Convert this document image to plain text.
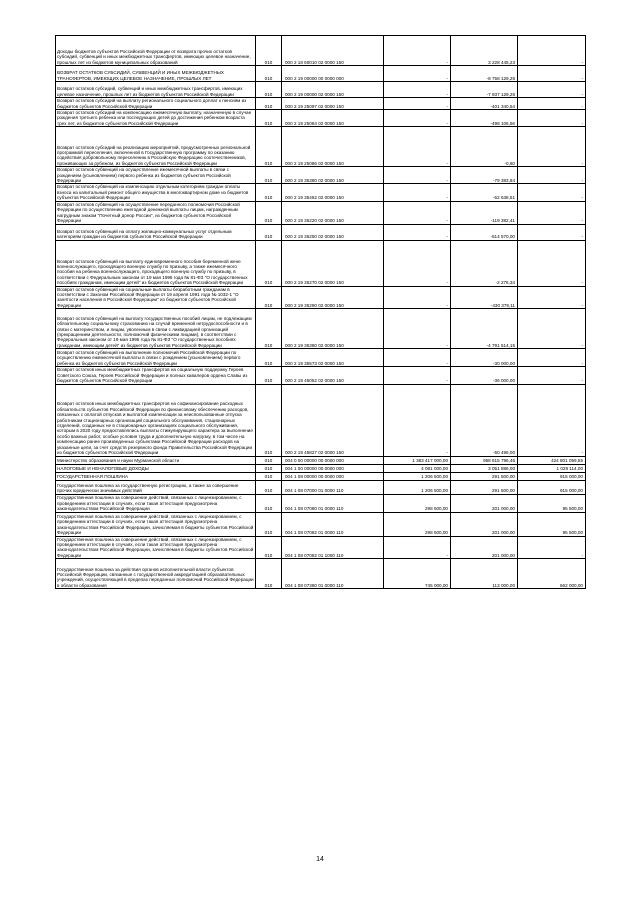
Доходы бюджетов субъектов Российской Федерации от возврата прочих остатков субсидий, субвенций и иных межбюджетных трансфертов, имеющих целевое назначение, прошлых лет из бюджетов муниципальных образований	010	000 2 18 60010 02 0000 150	-	3 228 445,23	-
ВОЗВРАТ ОСТАТКОВ СУБСИДИЙ, СУБВЕНЦИЙ И ИНЫХ МЕЖБЮДЖЕТНЫХ ТРАНСФЕРТОВ, ИМЕЮЩИХ ЦЕЛЕВОЕ НАЗНАЧЕНИЕ, ПРОШЛЫХ ЛЕТ	010	000 2 19 00000 00 0000 000	-	-8 758 129,26	-
Возврат остатков субсидий, субвенций и иных межбюджетных трансфертов, имеющих целевое назначение, прошлых лет из бюджетов субъектов Российской Федерации	010	000 2 19 00000 02 0000 150	-	-7 937 129,26	-
Возврат остатков субсидий на выплату регионального социального доплат к пенсиям из бюджетов субъектов Российской Федерации	010	000 2 19 25097 02 0000 150	-	-401 340,54	-
Возврат остатков субсидий на компенсацию ежемесячную выплату, назначенную в случае рождения третьего ребенка или последующих детей до достижения ребенком возраста трех лет, из бюджетов субъектов Российской Федерации	010	000 2 19 25084 02 0000 150	-	-498 106,56	-
Возврат остатков субсидий на реализацию мероприятий, предусмотренных региональной программой переселения, включенной в Государственную программу по оказанию содействия добровольному переселению в Российскую Федерацию соотечественников, проживающих за рубежом, из бюджетов субъектов Российской Федерации	010	000 2 19 25086 02 0000 150	-	-0,60	-
Возврат остатков субвенций на осуществление ежемесячной выплаты в связи с рождением (усыновлением) первого ребенка из бюджетов субъектов Российской Федерации	010	000 2 19 35380 02 0000 150	-	-79 383,84	-
Возврат остатков субвенций на компенсацию отдельным категориям граждан оплаты взноса на капитальный ремонт общего имущества в многоквартирном доме из бюджетов субъектов Российской Федерации	010	000 2 19 35462 02 0000 150	-	-52 638,51	-
Возврат остатков субвенций на осуществление переданного полномочия Российской Федерации по осуществлению ежегодной денежной выплаты лицам, награжденным нагрудным знаком "Почетный донор России", из бюджетов субъектов Российской Федерации	010	000 2 19 35220 02 0000 150	-	-119 382,41	-
Возврат остатков субвенций на оплату жилищно-коммунальных услуг отдельным категориям граждан из бюджетов субъектов Российской Федерации	010	000 2 19 35250 02 0000 150	-	-514 570,00	-
Возврат остатков субвенций на выплату единовременного пособия беременной жене военнослужащего, проходящего военную службу по призыву, а также ежемесячного пособия на ребенка военнослужащего, проходящего военную службу по призыву, в соответствии с Федеральным законом от 19 мая 1995 года № 81-ФЗ "О государственных пособиях гражданам, имеющим детей" из бюджетов субъектов Российской Федерации	010	000 2 19 35270 02 0000 150	-	-2 276,34	-
Возврат остатков субвенций на социальные выплаты безработным гражданам в соответствии с Законом Российской Федерации от 19 апреля 1991 года № 1032-1 "О занятости населения в Российской Федерации" из бюджетов субъектов Российской Федерации	010	000 2 19 35290 02 0000 150	-	-430 379,11	-
Возврат остатков субвенций на выплату государственных пособий лицам, не подлежащим обязательному социальному страхованию на случай временной нетрудоспособности и в связи с материнством, и лицам, уволенным в связи с ликвидацией организаций (прекращением деятельности, полномочий физическими лицами), в соответствии с Федеральным законом от 19 мая 1995 года № 81-ФЗ "О государственных пособиях гражданам, имеющим детей" из бюджетов субъектов Российской Федерации	010	000 2 19 35380 02 0000 150	-	-4 791 514,15	-
Возврат остатков субвенций на выполнение полномочий Российской Федерации по осуществлению ежемесячной выплаты в связи с рождением (усыновлением) первого ребенка из бюджетов субъектов Российской Федерации	010	000 2 19 35573 02 0000 150	-	-30 000,00	-
Возврат остатков иных межбюджетных трансфертов на социальную поддержку Героев Советского Союза, Героев Российской Федерации и полных кавалеров ордена Славы из бюджетов субъектов Российской Федерации	010	000 2 19 45052 02 0000 150	-	-36 000,00	-
Возврат остатков иных межбюджетных трансфертов на софинансирование расходных обязательств субъектов Российской Федерации по финансовому обеспечению расходов, связанных с оплатой отпусков и выплатой компенсации за неиспользованные отпуска работникам стационарных организаций социального обслуживания, стационарных отделений, созданных не в стационарных организациях социального обслуживания, которым в 2020 году предоставлялись выплаты стимулирующего характера за выполнение особо важных работ, особые условия труда и дополнительную нагрузку, в том числе на компенсацию ранее произведенных субъектами Российской Федерации расходов на указанные цели, за счет средств резервного фонда Правительства Российской Федерации из бюджетов субъектов Российской Федерации	010	000 2 19 45827 02 0000 150	-	-50 496,00	-
Министерство образования и науки Мурманской области	010	004 0 00 00000 00 0000 000	1 383 417 000,00	958 615 796,46	424 801 059,55
НАЛОГОВЫЕ И НЕНАЛОГОВЫЕ ДОХОДЫ	010	004 1 00 00000 00 0000 000	4 081 000,00	3 051 886,00	1 029 114,00
ГОСУДАРСТВЕННАЯ ПОШЛИНА	010	004 1 08 00000 00 0000 000	1 206 500,00	291 500,00	915 000,00
Государственная пошлина за государственную регистрацию, а также за совершение прочих юридически значимых действий	010	004 1 08 07000 01 0000 110	1 206 500,00	291 500,00	915 000,00
Государственная пошлина за совершение действий, связанных с лицензированием, с проведением аттестации в случаях, если такая аттестация предусмотрена законодательством Российской Федерации	010	004 1 08 07080 01 0000 110	298 500,00	201 000,00	95 500,00
Государственная пошлина за совершение действий, связанных с лицензированием, с проведением аттестации в случаях, если такая аттестация предусмотрена законодательством Российской Федерации, зачисляемая в бюджеты субъектов Российской Федерации	010	004 1 08 07082 01 0000 110	298 500,00	201 000,00	95 500,00
Государственная пошлина за совершение действий, связанных с лицензированием, с проведением аттестации в случаях, если такая аттестация предусмотрена законодательством Российской Федерации, зачисляемая в бюджеты субъектов Российской Федерации	010	004 1 08 07082 01 1000 110	-	201 000,00	-
Государственная пошлина за действия органов исполнительной власти субъектов Российской Федерации, связанные с государственной аккредитацией образовательных учреждений, осуществляющей в пределах переданных полномочий Российской Федерации в области образования	010	004 1 08 07380 01 0000 110	745 000,00	113 000,00	662 000,00
14
